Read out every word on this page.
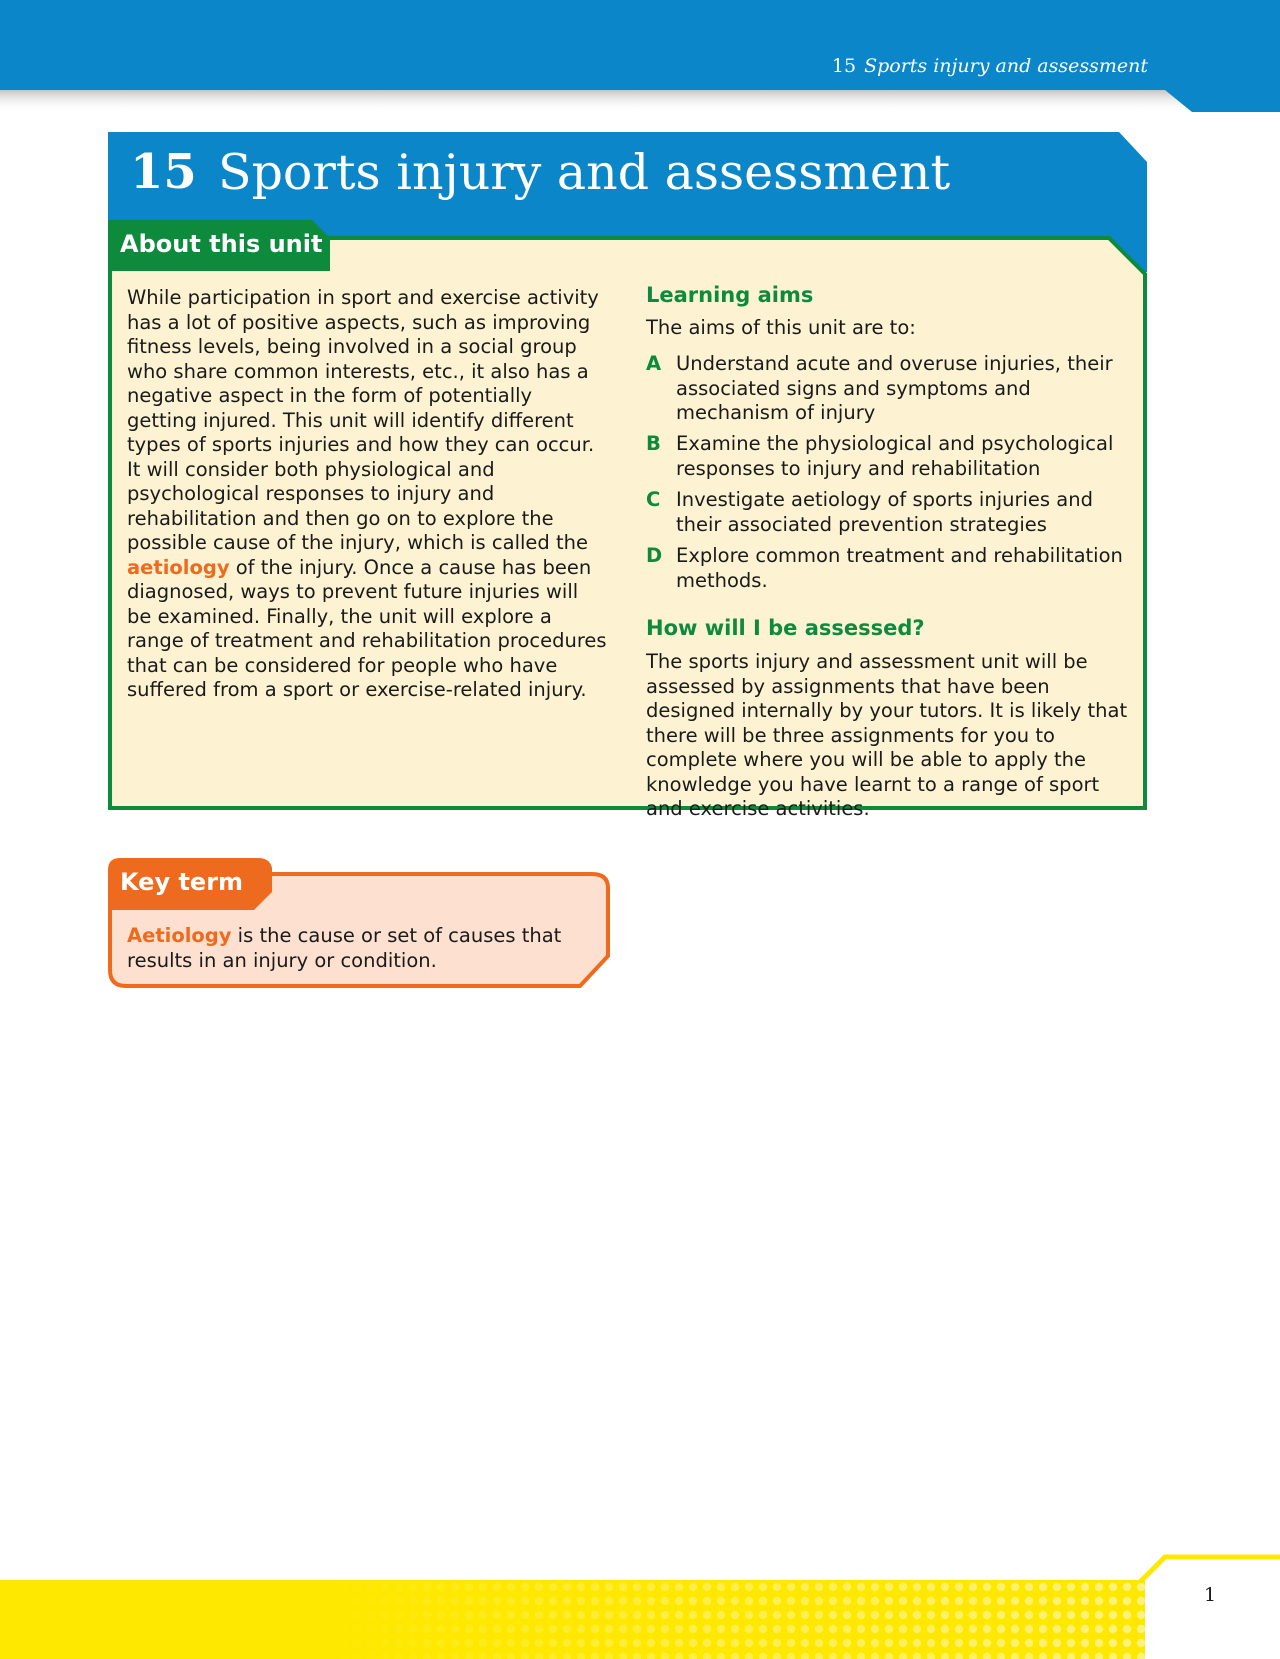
15 Sports injury and assessment
15 Sports injury and assessment
About this unit
While participation in sport and exercise activity has a lot of positive aspects, such as improving fitness levels, being involved in a social group who share common interests, etc., it also has a negative aspect in the form of potentially getting injured. This unit will identify different types of sports injuries and how they can occur. It will consider both physiological and psychological responses to injury and rehabilitation and then go on to explore the possible cause of the injury, which is called the aetiology of the injury. Once a cause has been diagnosed, ways to prevent future injuries will be examined. Finally, the unit will explore a range of treatment and rehabilitation procedures that can be considered for people who have suffered from a sport or exercise-related injury.
Learning aims
The aims of this unit are to:
A Understand acute and overuse injuries, their associated signs and symptoms and mechanism of injury
B Examine the physiological and psychological responses to injury and rehabilitation
C Investigate aetiology of sports injuries and their associated prevention strategies
D Explore common treatment and rehabilitation methods.
How will I be assessed?
The sports injury and assessment unit will be assessed by assignments that have been designed internally by your tutors. It is likely that there will be three assignments for you to complete where you will be able to apply the knowledge you have learnt to a range of sport and exercise activities.
Key term
Aetiology is the cause or set of causes that results in an injury or condition.
1
